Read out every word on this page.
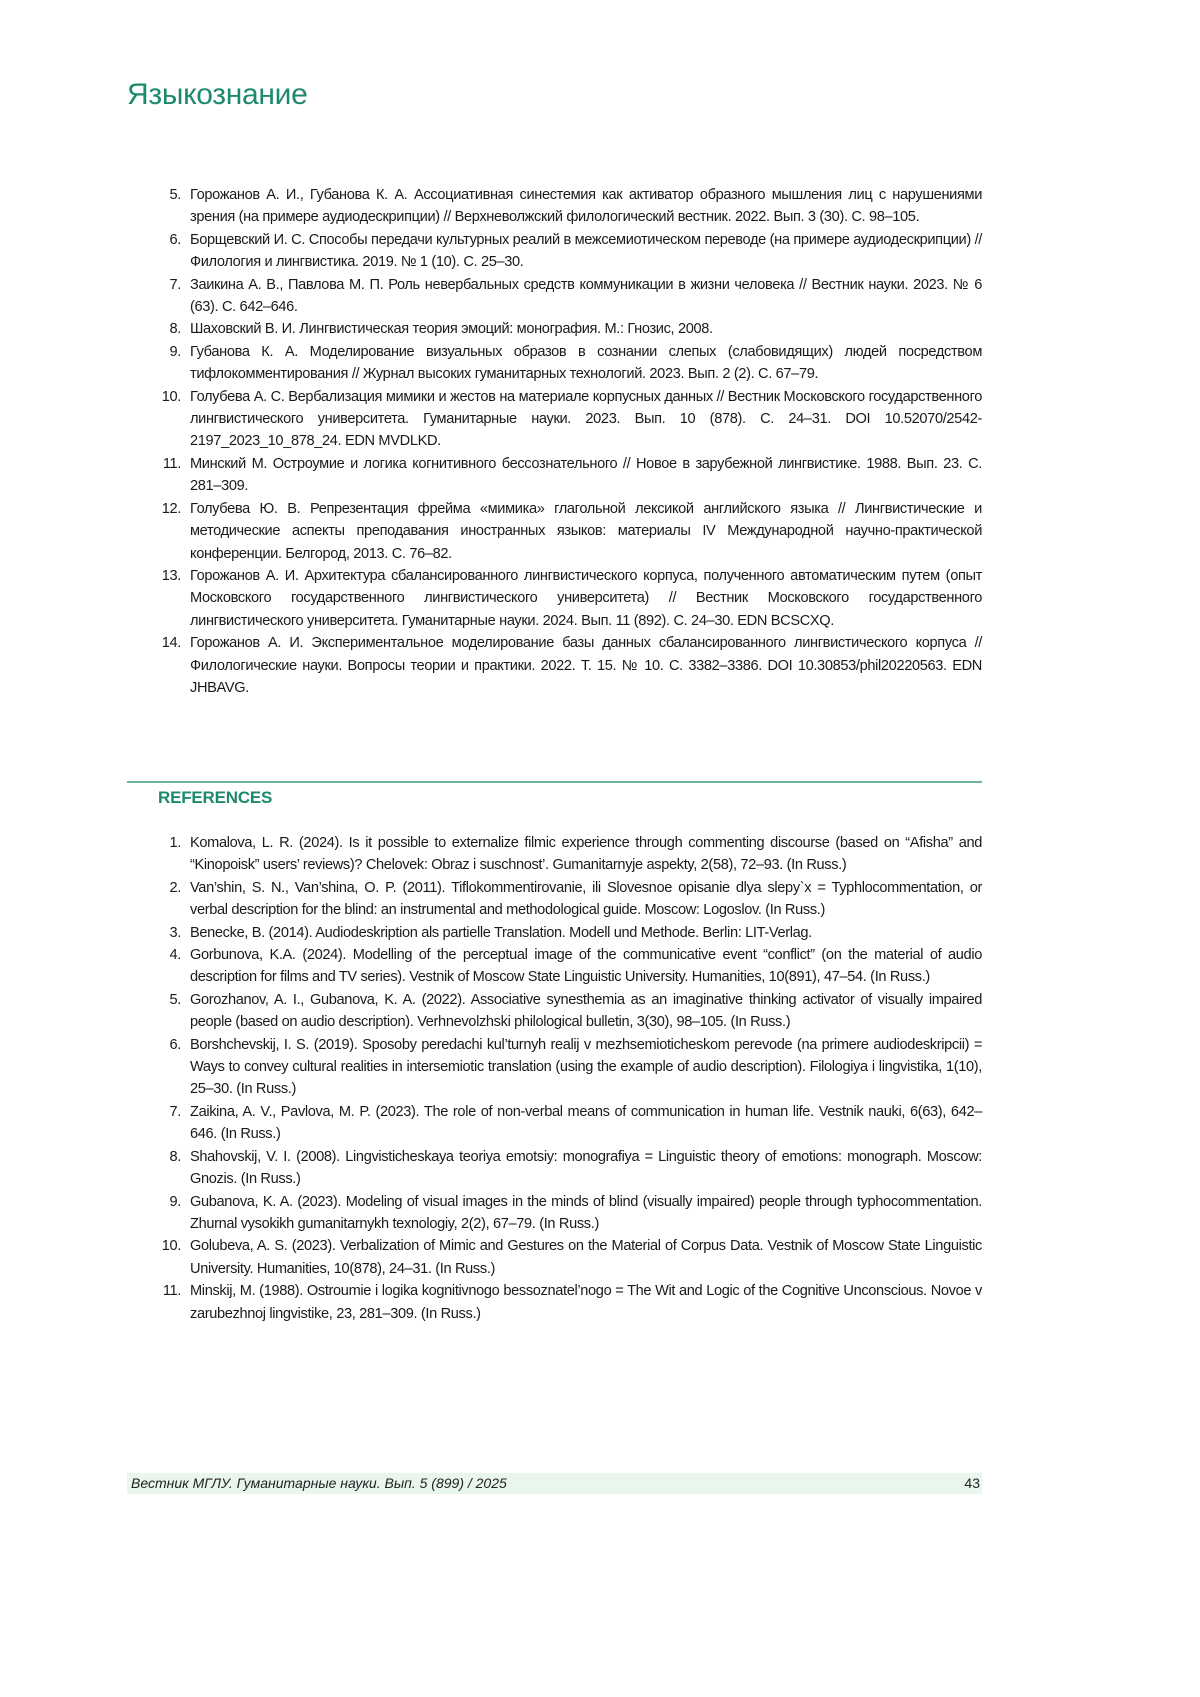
Языкознание
5. Горожанов А. И., Губанова К. А. Ассоциативная синестемия как активатор образного мышления лиц с нарушениями зрения (на примере аудиодескрипции) // Верхневолжский филологический вестник. 2022. Вып. 3 (30). С. 98–105.
6. Борщевский И. С. Способы передачи культурных реалий в межсемиотическом переводе (на примере аудиодескрипции) // Филология и лингвистика. 2019. № 1 (10). С. 25–30.
7. Заикина А. В., Павлова М. П. Роль невербальных средств коммуникации в жизни человека // Вестник науки. 2023. № 6 (63). С. 642–646.
8. Шаховский В. И. Лингвистическая теория эмоций: монография. М.: Гнозис, 2008.
9. Губанова К. А. Моделирование визуальных образов в сознании слепых (слабовидящих) людей посредством тифлокомментирования // Журнал высоких гуманитарных технологий. 2023. Вып. 2 (2). С. 67–79.
10. Голубева А. С. Вербализация мимики и жестов на материале корпусных данных // Вестник Московского государственного лингвистического университета. Гуманитарные науки. 2023. Вып. 10 (878). С. 24–31. DOI 10.52070/2542-2197_2023_10_878_24. EDN MVDLKD.
11. Минский М. Остроумие и логика когнитивного бессознательного // Новое в зарубежной лингвистике. 1988. Вып. 23. С. 281–309.
12. Голубева Ю. В. Репрезентация фрейма «мимика» глагольной лексикой английского языка // Лингвистические и методические аспекты преподавания иностранных языков: материалы IV Международной научно-практической конференции. Белгород, 2013. С. 76–82.
13. Горожанов А. И. Архитектура сбалансированного лингвистического корпуса, полученного автоматическим путем (опыт Московского государственного лингвистического университета) // Вестник Московского государственного лингвистического университета. Гуманитарные науки. 2024. Вып. 11 (892). С. 24–30. EDN BCSCXQ.
14. Горожанов А. И. Экспериментальное моделирование базы данных сбалансированного лингвистического корпуса // Филологические науки. Вопросы теории и практики. 2022. Т. 15. № 10. С. 3382–3386. DOI 10.30853/phil20220563. EDN JHBAVG.
REFERENCES
1. Komalova, L. R. (2024). Is it possible to externalize filmic experience through commenting discourse (based on “Afisha” and “Kinopoisk” users’ reviews)? Chelovek: Obraz i suschnost’. Gumanitarnyje aspekty, 2(58), 72–93. (In Russ.)
2. Van’shin, S. N., Van’shina, O. P. (2011). Tiflokommentirovanie, ili Slovesnoe opisanie dlya slepy`x = Typhlocommentation, or verbal description for the blind: an instrumental and methodological guide. Moscow: Logoslov. (In Russ.)
3. Benecke, B. (2014). Audiodeskription als partielle Translation. Modell und Methode. Berlin: LIT-Verlag.
4. Gorbunova, K.A. (2024). Modelling of the perceptual image of the communicative event “conflict” (on the material of audio description for films and TV series). Vestnik of Moscow State Linguistic University. Humanities, 10(891), 47–54. (In Russ.)
5. Gorozhanov, A. I., Gubanova, K. A. (2022). Associative synesthemia as an imaginative thinking activator of visually impaired people (based on audio description). Verhnevolzhski philological bulletin, 3(30), 98–105. (In Russ.)
6. Borshchevskij, I. S. (2019). Sposoby peredachi kul’turnyh realij v mezhsemioticheskom perevode (na primere audiodeskripcii) = Ways to convey cultural realities in intersemiotic translation (using the example of audio description). Filologiya i lingvistika, 1(10), 25–30. (In Russ.)
7. Zaikina, A. V., Pavlova, M. P. (2023). The role of non-verbal means of communication in human life. Vestnik nauki, 6(63), 642–646. (In Russ.)
8. Shahovskij, V. I. (2008). Lingvisticheskaya teoriya emotsiy: monografiya = Linguistic theory of emotions: monograph. Moscow: Gnozis. (In Russ.)
9. Gubanova, K. A. (2023). Modeling of visual images in the minds of blind (visually impaired) people through typhocommentation. Zhurnal vysokikh gumanitarnykh texnologiy, 2(2), 67–79. (In Russ.)
10. Golubeva, A. S. (2023). Verbalization of Mimic and Gestures on the Material of Corpus Data. Vestnik of Moscow State Linguistic University. Humanities, 10(878), 24–31. (In Russ.)
11. Minskij, M. (1988). Ostroumie i logika kognitivnogo bessoznatel’nogo = The Wit and Logic of the Cognitive Unconscious. Novoe v zarubezhnoj lingvistike, 23, 281–309. (In Russ.)
Вестник МГЛУ. Гуманитарные науки. Вып. 5 (899) / 2025	43
